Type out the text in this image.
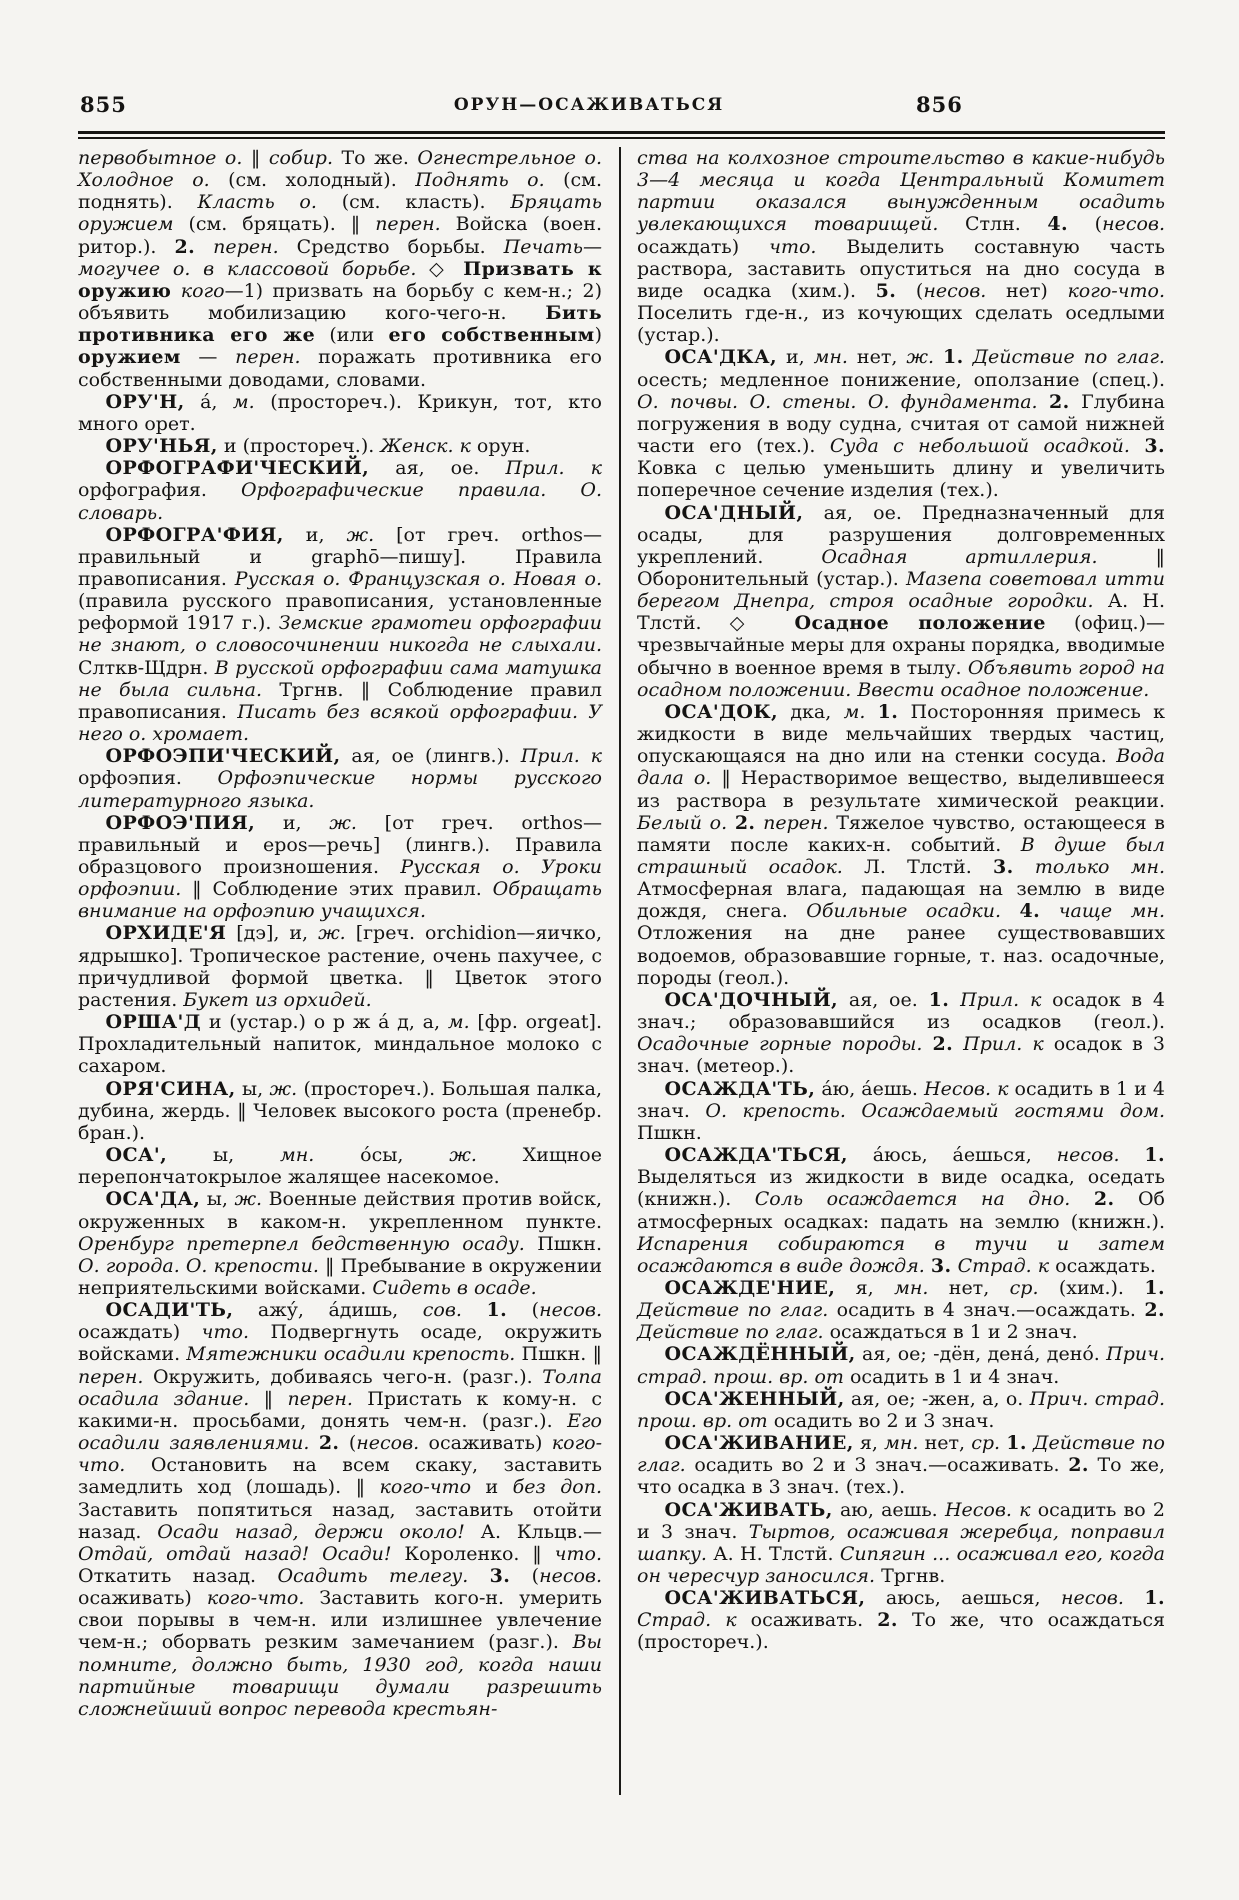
855	ОРУН—ОСАЖИВАТЬСЯ	856

первобытное о. ‖ собир. То же. Огнестрельное о. Холодное о. (см. холодный). Поднять о. (см. поднять). Класть о. (см. класть). Бряцать оружием (см. бряцать). ‖ перен. Войска (воен. ритор.). 2. перен. Средство борьбы. Печать—могучее о. в классовой борьбе. ◇ Призвать к оружию кого—1) призвать на борьбу с кем-н.; 2) объявить мобилизацию кого-чего-н. Бить противника его же (или его собственным) оружием — перен. поражать противника его собственными доводами, словами.

ОРУ'Н, а́, м. (простореч.). Крикун, тот, кто много орет.

ОРУ'НЬЯ, и (простореч.). Женск. к орун.

ОРФОГРАФИ'ЧЕСКИЙ, ая, ое. Прил. к орфография. Орфографические правила. О. словарь.

ОРФОГРА'ФИЯ, и, ж. [от греч. orthos—правильный и graphō—пишу]. Правила правописания. Русская о. Французская о. Новая о. (правила русского правописания, установленные реформой 1917 г.). Земские грамотеи орфографии не знают, о словосочинении никогда не слыхали. Слткв-Щдрн. В русской орфографии сама матушка не была сильна. Тргнв. ‖ Соблюдение правил правописания. Писать без всякой орфографии. У него о. хромает.

ОРФОЭПИ'ЧЕСКИЙ, ая, ое (лингв.). Прил. к орфоэпия. Орфоэпические нормы русского литературного языка.

ОРФОЭ'ПИЯ, и, ж. [от греч. orthos—правильный и epos—речь] (лингв.). Правила образцового произношения. Русская о. Уроки орфоэпии. ‖ Соблюдение этих правил. Обращать внимание на орфоэпию учащихся.

ОРХИДЕ'Я [дэ], и, ж. [греч. orchidion—яичко, ядрышко]. Тропическое растение, очень пахучее, с причудливой формой цветка. ‖ Цветок этого растения. Букет из орхидей.

ОРША'Д и (устар.) о р ж а́ д, а, м. [фр. orgeat]. Прохладительный напиток, миндальное молоко с сахаром.

ОРЯ'СИНА, ы, ж. (простореч.). Большая палка, дубина, жердь. ‖ Человек высокого роста (пренебр. бран.).

ОСА', ы, мн. о́сы, ж. Хищное перепончатокрылое жалящее насекомое.

ОСА'ДА, ы, ж. Военные действия против войск, окруженных в каком-н. укрепленном пункте. Оренбург претерпел бедственную осаду. Пшкн. О. города. О. крепости. ‖ Пребывание в окружении неприятельскими войсками. Сидеть в осаде.

ОСАДИ'ТЬ, ажу́, а́дишь, сов. 1. (несов. осаждать) что. Подвергнуть осаде, окружить войсками. Мятежники осадили крепость. Пшкн. ‖ перен. Окружить, добиваясь чего-н. (разг.). Толпа осадила здание. ‖ перен. Пристать к кому-н. с какими-н. просьбами, донять чем-н. (разг.). Его осадили заявлениями. 2. (несов. осаживать) кого-что. Остановить на всем скаку, заставить замедлить ход (лошадь). ‖ кого-что и без доп. Заставить попятиться назад, заставить отойти назад. Осади назад, держи около! А. Кльцв.—Отдай, отдай назад! Осади! Короленко. ‖ что. Откатить назад. Осадить телегу. 3. (несов. осаживать) кого-что. Заставить кого-н. умерить свои порывы в чем-н. или излишнее увлечение чем-н.; оборвать резким замечанием (разг.). Вы помните, должно быть, 1930 год, когда наши партийные товарищи думали разрешить сложнейший вопрос перевода крестьян-

ства на колхозное строительство в какие-нибудь 3—4 месяца и когда Центральный Комитет партии оказался вынужденным осадить увлекающихся товарищей. Стлн. 4. (несов. осаждать) что. Выделить составную часть раствора, заставить опуститься на дно сосуда в виде осадка (хим.). 5. (несов. нет) кого-что. Поселить где-н., из кочующих сделать оседлыми (устар.).

ОСА'ДКА, и, мн. нет, ж. 1. Действие по глаг. осесть; медленное понижение, оползание (спец.). О. почвы. О. стены. О. фундамента. 2. Глубина погружения в воду судна, считая от самой нижней части его (тех.). Суда с небольшой осадкой. 3. Ковка с целью уменьшить длину и увеличить поперечное сечение изделия (тех.).

ОСА'ДНЫЙ, ая, ое. Предназначенный для осады, для разрушения долговременных укреплений. Осадная артиллерия. ‖ Оборонительный (устар.). Мазепа советовал итти берегом Днепра, строя осадные городки. А. Н. Тлстй. ◇ Осадное положение (офиц.)—чрезвычайные меры для охраны порядка, вводимые обычно в военное время в тылу. Объявить город на осадном положении. Ввести осадное положение.

ОСА'ДОК, дка, м. 1. Посторонняя примесь к жидкости в виде мельчайших твердых частиц, опускающаяся на дно или на стенки сосуда. Вода дала о. ‖ Нерастворимое вещество, выделившееся из раствора в результате химической реакции. Белый о. 2. перен. Тяжелое чувство, остающееся в памяти после каких-н. событий. В душе был страшный осадок. Л. Тлстй. 3. только мн. Атмосферная влага, падающая на землю в виде дождя, снега. Обильные осадки. 4. чаще мн. Отложения на дне ранее существовавших водоемов, образовавшие горные, т. наз. осадочные, породы (геол.).

ОСА'ДОЧНЫЙ, ая, ое. 1. Прил. к осадок в 4 знач.; образовавшийся из осадков (геол.). Осадочные горные породы. 2. Прил. к осадок в 3 знач. (метеор.).

ОСАЖДА'ТЬ, а́ю, а́ешь. Несов. к осадить в 1 и 4 знач. О. крепость. Осаждаемый гостями дом. Пшкн.

ОСАЖДА'ТЬСЯ, а́юсь, а́ешься, несов. 1. Выделяться из жидкости в виде осадка, оседать (книжн.). Соль осаждается на дно. 2. Об атмосферных осадках: падать на землю (книжн.). Испарения собираются в тучи и затем осаждаются в виде дождя. 3. Страд. к осаждать.

ОСАЖДЕ'НИЕ, я, мн. нет, ср. (хим.). 1. Действие по глаг. осадить в 4 знач.—осаждать. 2. Действие по глаг. осаждаться в 1 и 2 знач.

ОСАЖДЁННЫЙ, ая, ое; -дён, дена́, дено́. Прич. страд. прош. вр. от осадить в 1 и 4 знач.

ОСА'ЖЕННЫЙ, ая, ое; -жен, а, о. Прич. страд. прош. вр. от осадить во 2 и 3 знач.

ОСА'ЖИВАНИЕ, я, мн. нет, ср. 1. Действие по глаг. осадить во 2 и 3 знач.—осаживать. 2. То же, что осадка в 3 знач. (тех.).

ОСА'ЖИВАТЬ, аю, аешь. Несов. к осадить во 2 и 3 знач. Тыртов, осаживая жеребца, поправил шапку. А. Н. Тлстй. Сипягин ... осаживал его, когда он чересчур заносился. Тргнв.

ОСА'ЖИВАТЬСЯ, аюсь, аешься, несов. 1. Страд. к осаживать. 2. То же, что осаждаться (простореч.).
